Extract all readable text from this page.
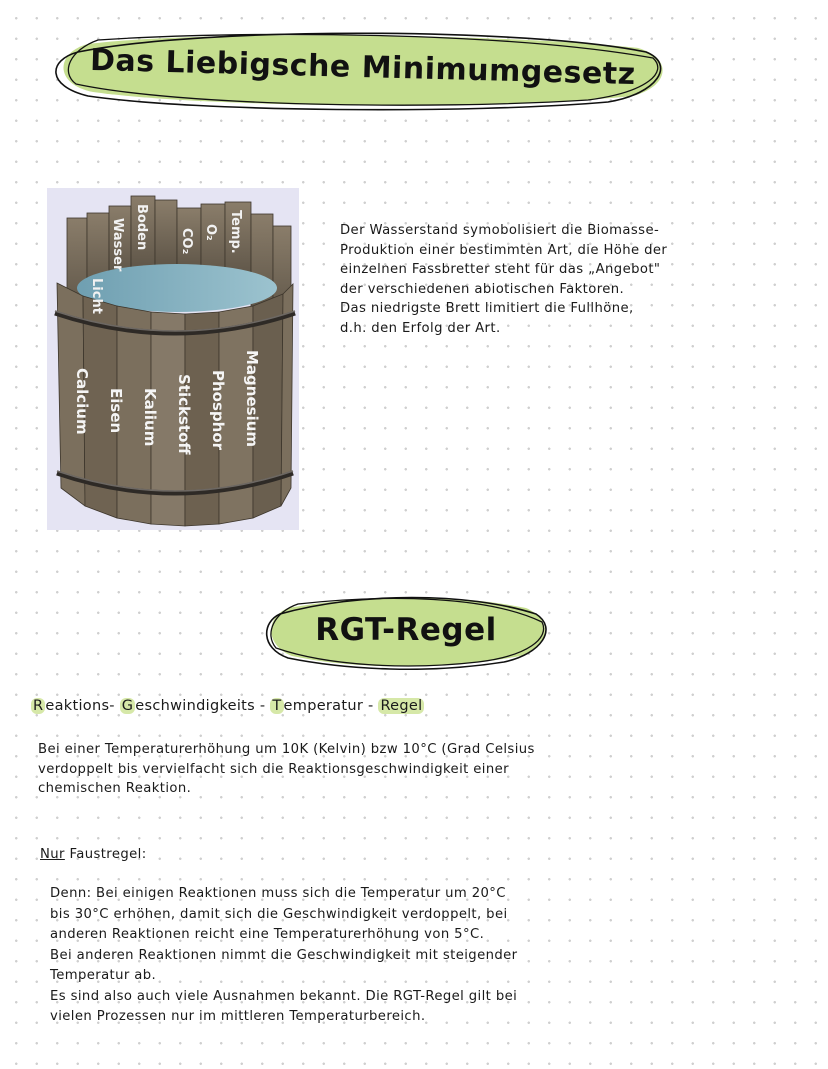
Das Liebigsche Minimumgesetz
Licht
Wasser Boden CO₂ O₂ Temp.
Calcium Eisen Kalium Stickstoff Phosphor Magnesium
Der Wasserstand symobolisiert die Biomasse-
Produktion einer bestimmten Art, die Höhe der
einzelnen Fassbretter steht für das „Angebot"
der verschiedenen abiotischen Faktoren.
Das niedrigste Brett limitiert die Fullhöne,
d.h. den Erfolg der Art.
RGT-Regel
R eaktions- G eschwindigkeits - T emperatur - Regel
Bei einer Temperaturerhöhung um 10K (Kelvin) bzw 10°C (Grad Celsius
verdoppelt bis vervielfacht sich die Reaktionsgeschwindigkeit einer
chemischen Reaktion.
Nur Faustregel:
Denn: Bei einigen Reaktionen muss sich die Temperatur um 20°C
bis 30°C erhöhen, damit sich die Geschwindigkeit verdoppelt, bei
anderen Reaktionen reicht eine Temperaturerhöhung von 5°C.
Bei anderen Reaktionen nimmt die Geschwindigkeit mit steigender
Temperatur ab.
Es sind also auch viele Ausnahmen bekannt. Die RGT-Regel gilt bei
vielen Prozessen nur im mittleren Temperaturbereich.
